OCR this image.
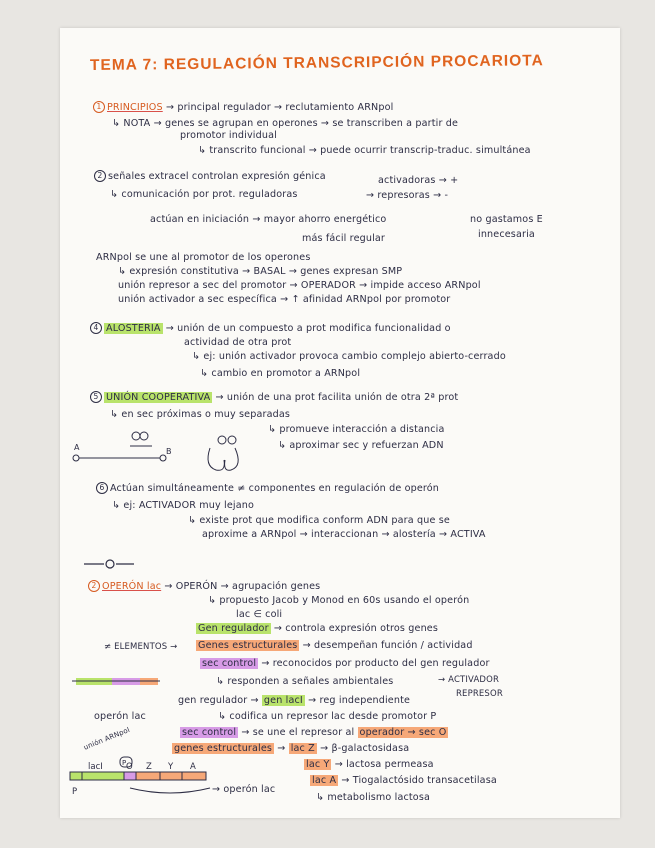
TEMA 7: REGULACIÓN TRANSCRIPCIÓN PROCARIOTA
1 PRINCIPIOS → principal regulador → reclutamiento ARNpol
↳ NOTA → genes se agrupan en operones → se transcriben a partir de
promotor individual
↳ transcrito funcional → puede ocurrir transcrip-traduc. simultánea
2 señales extracel controlan expresión génica
↳ comunicación por prot. reguladoras
activadoras → +
→ represoras → -
actúan en iniciación → mayor ahorro energético
más fácil regular
no gastamos E
innecesaria
ARNpol se une al promotor de los operones
↳ expresión constitutiva → BASAL → genes expresan SMP
unión represor a sec del promotor → OPERADOR → impide acceso ARNpol
unión activador a sec específica → ↑ afinidad ARNpol por promotor
4 ALOSTERIA → unión de un compuesto a prot modifica funcionalidad o
actividad de otra prot
↳ ej: unión activador provoca cambio complejo abierto-cerrado
↳ cambio en promotor a ARNpol
5 UNIÓN COOPERATIVA → unión de una prot facilita unión de otra 2ª prot
↳ en sec próximas o muy separadas
↳ promueve interacción a distancia
↳ aproximar sec y refuerzan ADN
A	B
6 Actúan simultáneamente ≠ componentes en regulación de operón
↳ ej: ACTIVADOR muy lejano
↳ existe prot que modifica conform ADN para que se
aproxime a ARNpol → interaccionan → alostería → ACTIVA
2 OPERÓN lac → OPERÓN → agrupación genes
↳ propuesto Jacob y Monod en 60s usando el operón
lac ∈ coli
≠ ELEMENTOS →
Gen regulador → controla expresión otros genes
Genes estructurales → desempeñan función / actividad
sec control → reconocidos por producto del gen regulador
↳ responden a señales ambientales	→ ACTIVADOR
REPRESOR
operón lac
gen regulador → gen lacI → reg independiente
↳ codifica un represor lac desde promotor P
sec control → se une el represor al operador → sec O
genes estructurales → lac Z → β-galactosidasa
lac Y → lactosa permeasa
lac A → Tiogalactósido transacetilasa
↳ metabolismo lactosa
unión ARNpol
P
lacI	O Z Y A
P
→ operón lac
